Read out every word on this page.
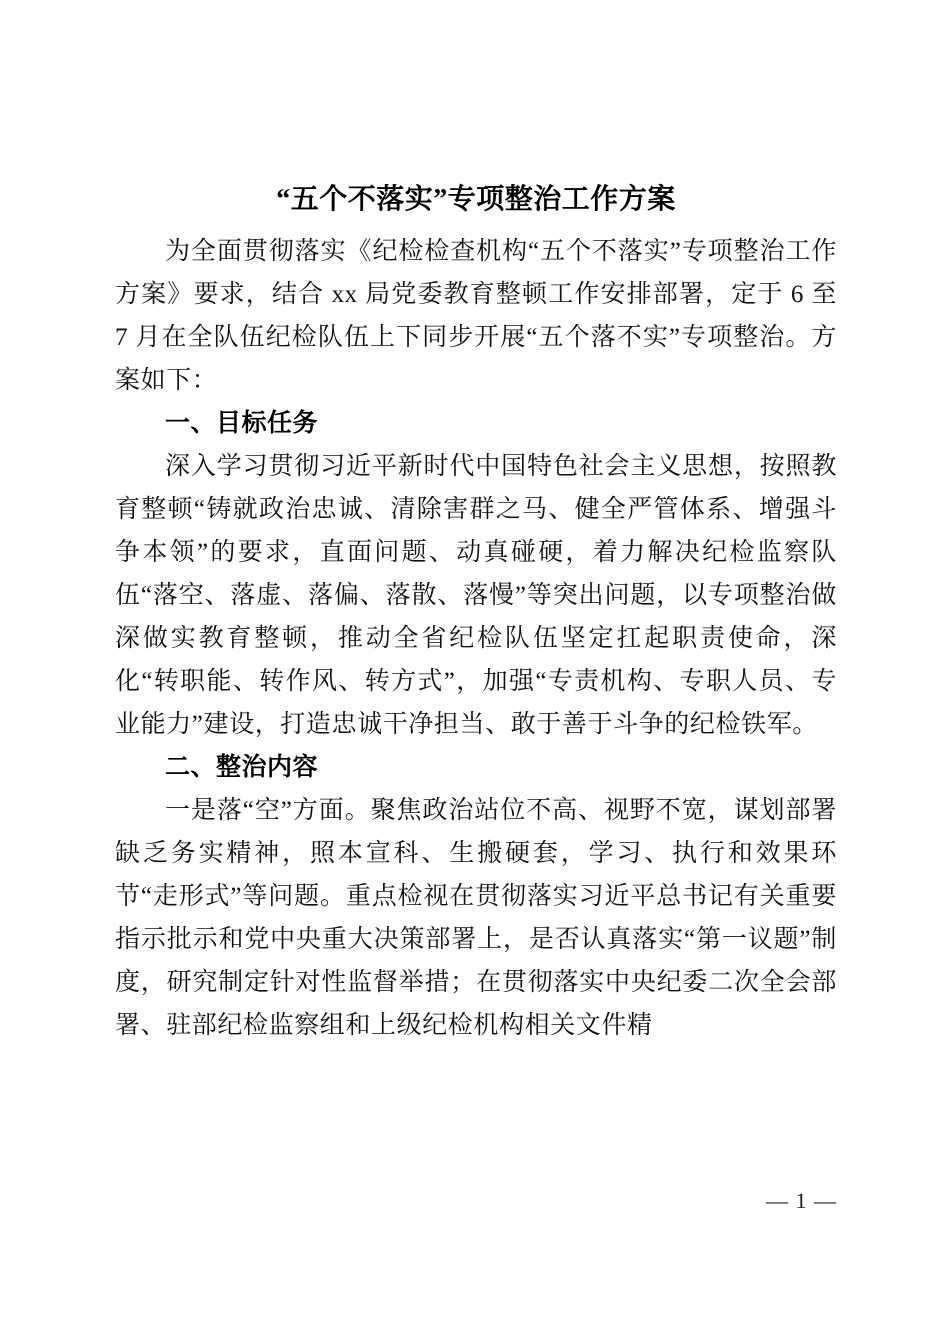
“五个不落实”专项整治工作方案

为全面贯彻落实《纪检检查机构“五个不落实”专项整治工作方案》要求，结合 xx 局党委教育整顿工作安排部署，定于 6 至 7 月在全队伍纪检队伍上下同步开展“五个落不实”专项整治。方案如下：

一、目标任务

深入学习贯彻习近平新时代中国特色社会主义思想，按照教育整顿“铸就政治忠诚、清除害群之马、健全严管体系、增强斗争本领”的要求，直面问题、动真碰硬，着力解决纪检监察队伍“落空、落虚、落偏、落散、落慢”等突出问题，以专项整治做深做实教育整顿，推动全省纪检队伍坚定扛起职责使命，深化“转职能、转作风、转方式”，加强“专责机构、专职人员、专业能力”建设，打造忠诚干净担当、敢于善于斗争的纪检铁军。

二、整治内容

一是落“空”方面。聚焦政治站位不高、视野不宽，谋划部署缺乏务实精神，照本宣科、生搬硬套，学习、执行和效果环节“走形式”等问题。重点检视在贯彻落实习近平总书记有关重要指示批示和党中央重大决策部署上，是否认真落实“第一议题”制度，研究制定针对性监督举措；在贯彻落实中央纪委二次全会部署、驻部纪检监察组和上级纪检机构相关文件精

— 1 —
